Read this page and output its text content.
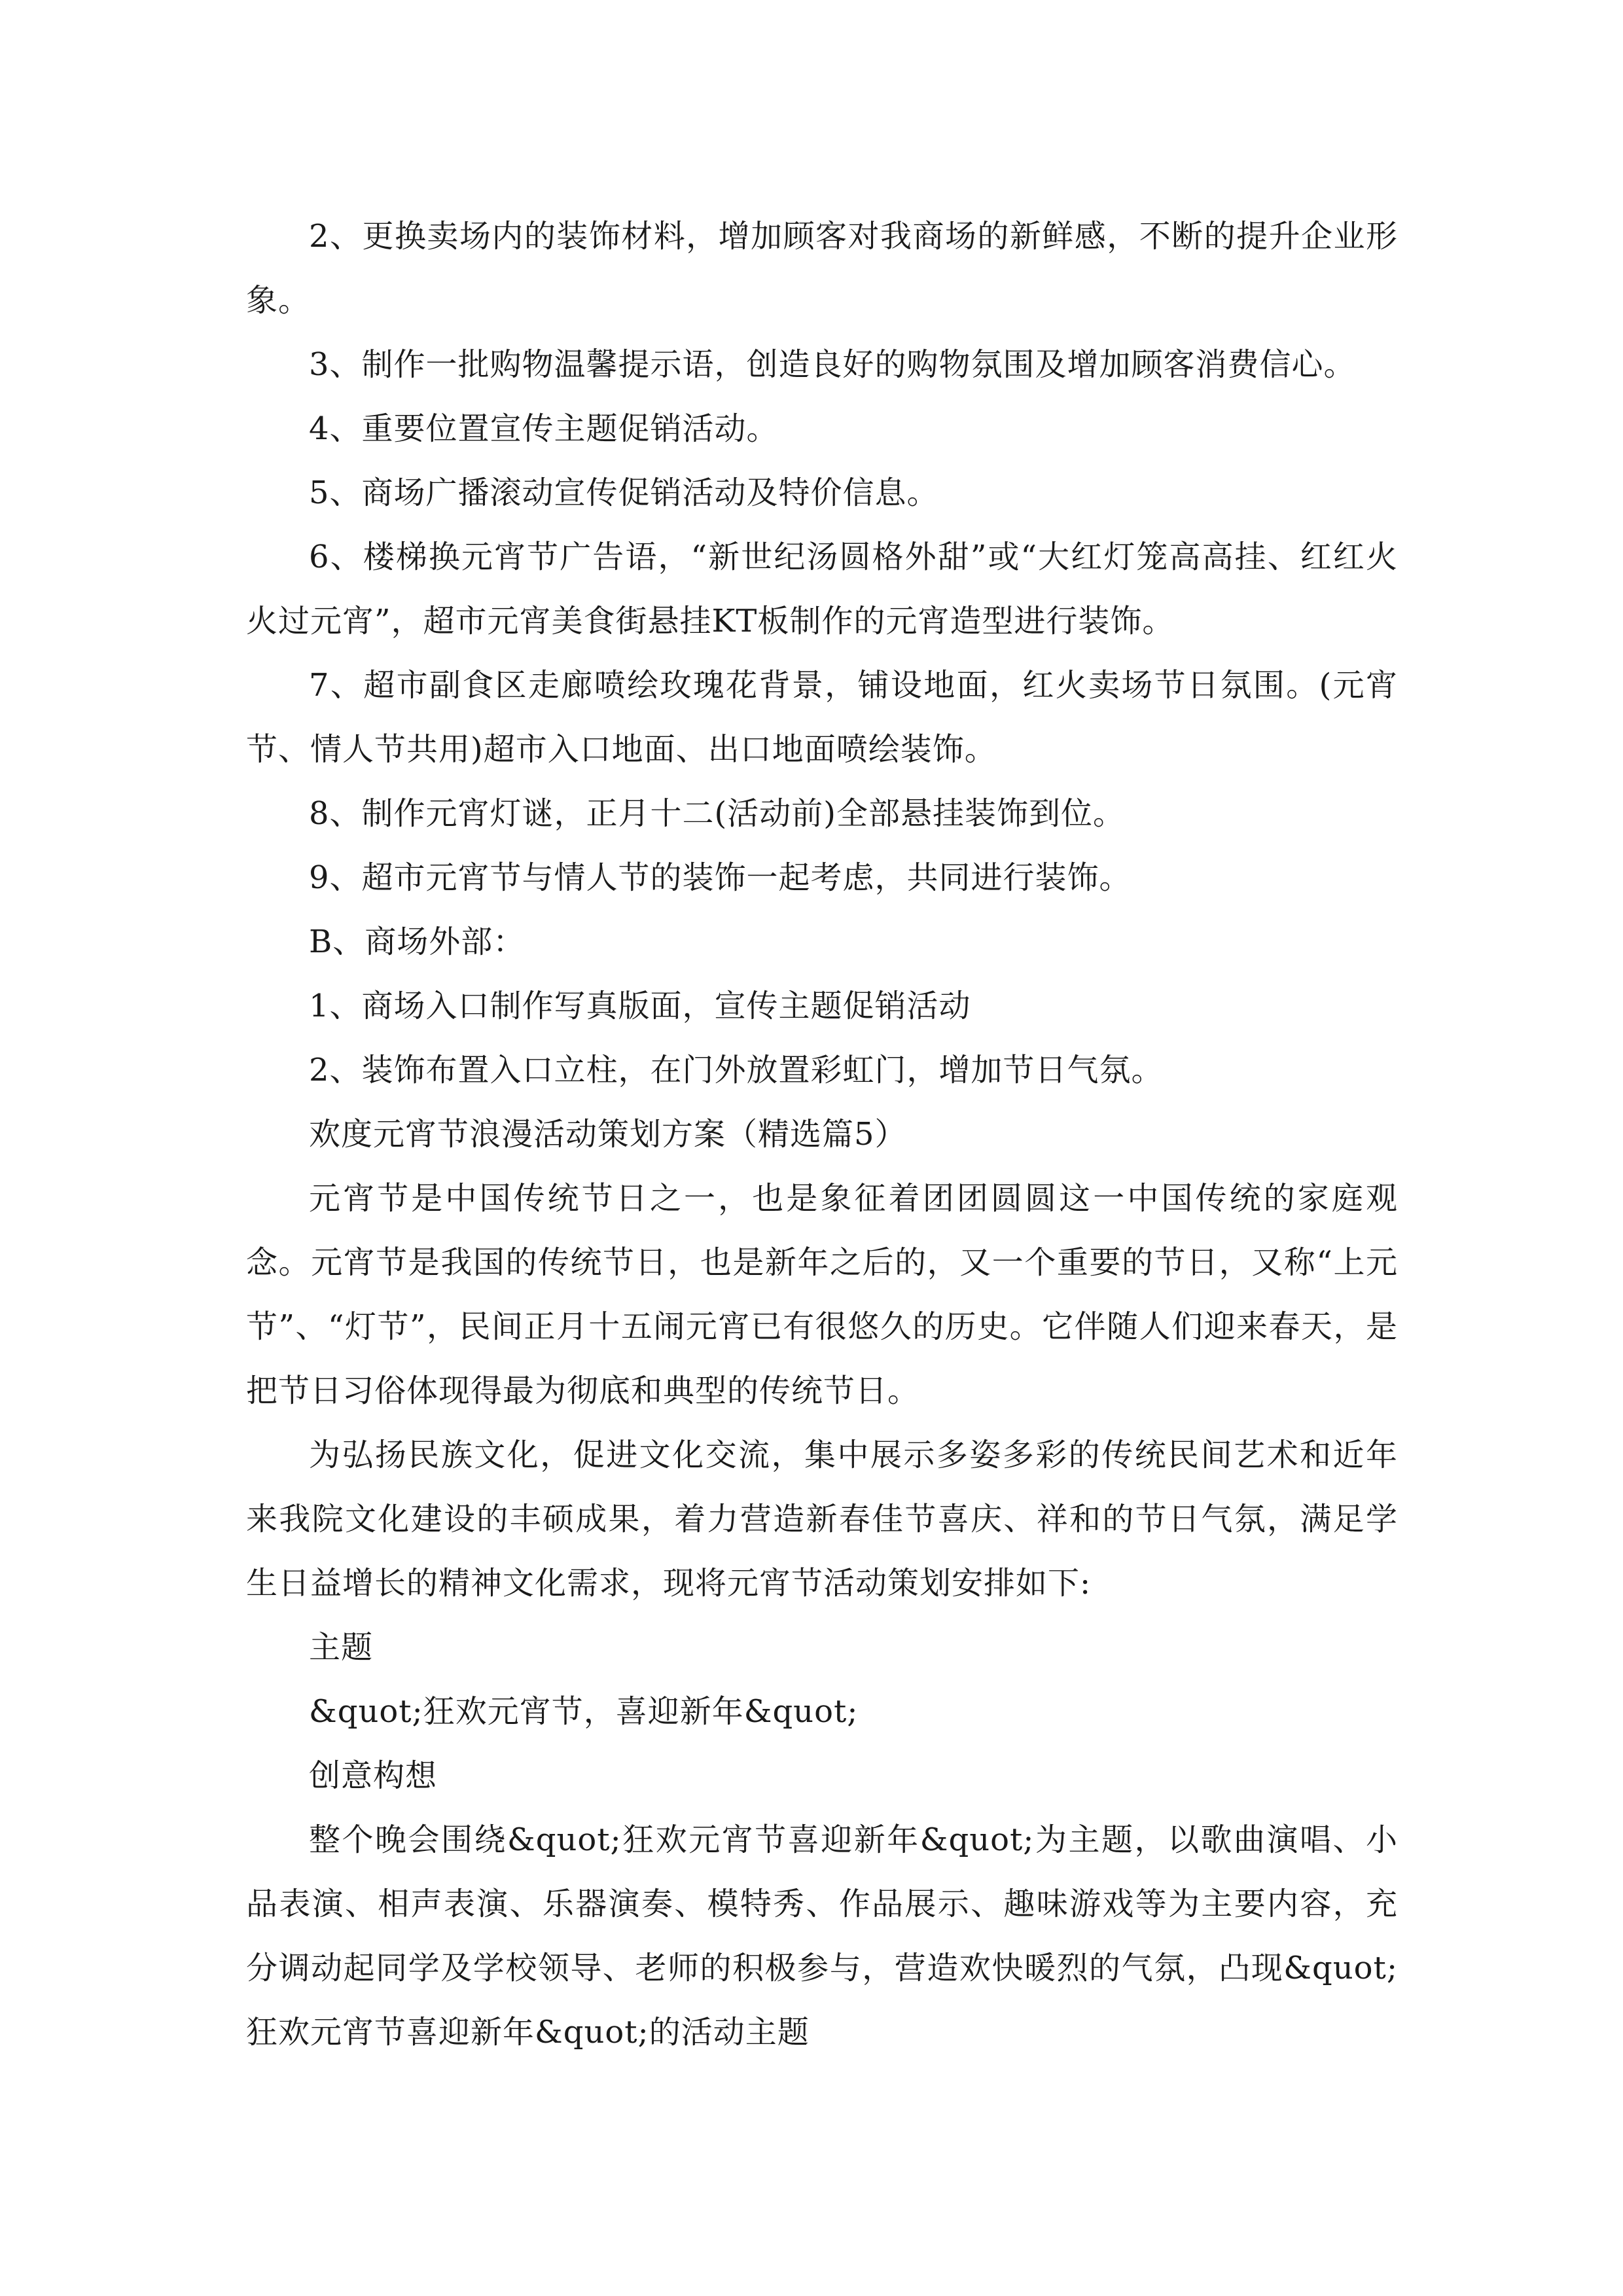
2、更换卖场内的装饰材料，增加顾客对我商场的新鲜感，不断的提升企业形象。

3、制作一批购物温馨提示语，创造良好的购物氛围及增加顾客消费信心。

4、重要位置宣传主题促销活动。

5、商场广播滚动宣传促销活动及特价信息。

6、楼梯换元宵节广告语，“新世纪汤圆格外甜”或“大红灯笼高高挂、红红火火过元宵”，超市元宵美食街悬挂KT板制作的元宵造型进行装饰。

7、超市副食区走廊喷绘玫瑰花背景，铺设地面，红火卖场节日氛围。(元宵节、情人节共用)超市入口地面、出口地面喷绘装饰。

8、制作元宵灯谜，正月十二(活动前)全部悬挂装饰到位。

9、超市元宵节与情人节的装饰一起考虑，共同进行装饰。

B、商场外部：

1、商场入口制作写真版面，宣传主题促销活动

2、装饰布置入口立柱，在门外放置彩虹门，增加节日气氛。

欢度元宵节浪漫活动策划方案（精选篇5）

元宵节是中国传统节日之一，也是象征着团团圆圆这一中国传统的家庭观念。元宵节是我国的传统节日，也是新年之后的，又一个重要的节日，又称“上元节”、“灯节”，民间正月十五闹元宵已有很悠久的历史。它伴随人们迎来春天，是把节日习俗体现得最为彻底和典型的传统节日。

为弘扬民族文化，促进文化交流，集中展示多姿多彩的传统民间艺术和近年来我院文化建设的丰硕成果，着力营造新春佳节喜庆、祥和的节日气氛，满足学生日益增长的精神文化需求，现将元宵节活动策划安排如下:

主题

&quot;狂欢元宵节，喜迎新年&quot;

创意构想

整个晚会围绕&quot;狂欢元宵节喜迎新年&quot;为主题，以歌曲演唱、小品表演、相声表演、乐器演奏、模特秀、作品展示、趣味游戏等为主要内容，充分调动起同学及学校领导、老师的积极参与，营造欢快暖烈的气氛，凸现&quot;狂欢元宵节喜迎新年&quot;的活动主题
